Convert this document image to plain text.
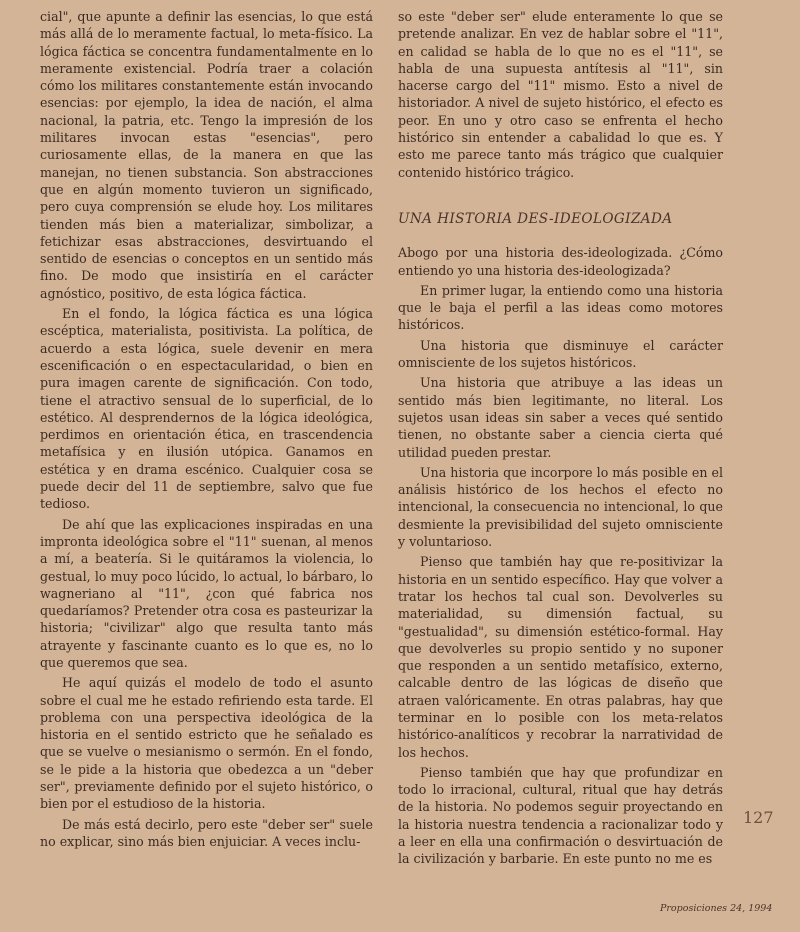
cial", que apunte a definir las esencias, lo que está más allá de lo meramente factual, lo meta-físico. La lógica fáctica se concentra fundamentalmente en lo meramente existencial. Podría traer a colación cómo los militares constantemente están invocando esencias: por ejemplo, la idea de nación, el alma nacional, la patria, etc. Tengo la impresión de los militares invocan estas "esencias", pero curiosamente ellas, de la manera en que las manejan, no tienen substancia. Son abstracciones que en algún momento tuvieron un significado, pero cuya comprensión se elude hoy. Los militares tienden más bien a materializar, simbolizar, a fetichizar esas abstracciones, desvirtuando el sentido de esencias o conceptos en un sentido más fino. De modo que insistiría en el carácter agnóstico, positivo, de esta lógica fáctica.

En el fondo, la lógica fáctica es una lógica escéptica, materialista, positivista. La política, de acuerdo a esta lógica, suele devenir en mera escenificación o en espectacularidad, o bien en pura imagen carente de significación. Con todo, tiene el atractivo sensual de lo superficial, de lo estético. Al desprendernos de la lógica ideológica, perdimos en orientación ética, en trascendencia metafísica y en ilusión utópica. Ganamos en estética y en drama escénico. Cualquier cosa se puede decir del 11 de septiembre, salvo que fue tedioso.

De ahí que las explicaciones inspiradas en una impronta ideológica sobre el "11" suenan, al menos a mí, a beatería. Si le quitáramos la violencia, lo gestual, lo muy poco lúcido, lo actual, lo bárbaro, lo wagneriano al "11", ¿con qué fabrica nos quedaríamos? Pretender otra cosa es pasteurizar la historia; "civilizar" algo que resulta tanto más atrayente y fascinante cuanto es lo que es, no lo que queremos que sea.

He aquí quizás el modelo de todo el asunto sobre el cual me he estado refiriendo esta tarde. El problema con una perspectiva ideológica de la historia en el sentido estricto que he señalado es que se vuelve o mesianismo o sermón. En el fondo, se le pide a la historia que obedezca a un "deber ser", previamente definido por el sujeto histórico, o bien por el estudioso de la historia.

De más está decirlo, pero este "deber ser" suele no explicar, sino más bien enjuiciar. A veces inclu-

so este "deber ser" elude enteramente lo que se pretende analizar. En vez de hablar sobre el "11", en calidad se habla de lo que no es el "11", se habla de una supuesta antítesis al "11", sin hacerse cargo del "11" mismo. Esto a nivel de historiador. A nivel de sujeto histórico, el efecto es peor. En uno y otro caso se enfrenta el hecho histórico sin entender a cabalidad lo que es. Y esto me parece tanto más trágico que cualquier contenido histórico trágico.

UNA HISTORIA DES-IDEOLOGIZADA

Abogo por una historia des-ideologizada. ¿Cómo entiendo yo una historia des-ideologizada?

En primer lugar, la entiendo como una historia que le baja el perfil a las ideas como motores históricos.

Una historia que disminuye el carácter omnisciente de los sujetos históricos.

Una historia que atribuye a las ideas un sentido más bien legitimante, no literal. Los sujetos usan ideas sin saber a veces qué sentido tienen, no obstante saber a ciencia cierta qué utilidad pueden prestar.

Una historia que incorpore lo más posible en el análisis histórico de los hechos el efecto no intencional, la consecuencia no intencional, lo que desmiente la previsibilidad del sujeto omnisciente y voluntarioso.

Pienso que también hay que re-positivizar la historia en un sentido específico. Hay que volver a tratar los hechos tal cual son. Devolverles su materialidad, su dimensión factual, su "gestualidad", su dimensión estético-formal. Hay que devolverles su propio sentido y no suponer que responden a un sentido metafísico, externo, calcable dentro de las lógicas de diseño que atraen valóricamente. En otras palabras, hay que terminar en lo posible con los meta-relatos histórico-analíticos y recobrar la narratividad de los hechos.

Pienso también que hay que profundizar en todo lo irracional, cultural, ritual que hay detrás de la historia. No podemos seguir proyectando en la historia nuestra tendencia a racionalizar todo y a leer en ella una confirmación o desvirtuación de la civilización y barbarie. En este punto no me es

127
Proposiciones 24, 1994
